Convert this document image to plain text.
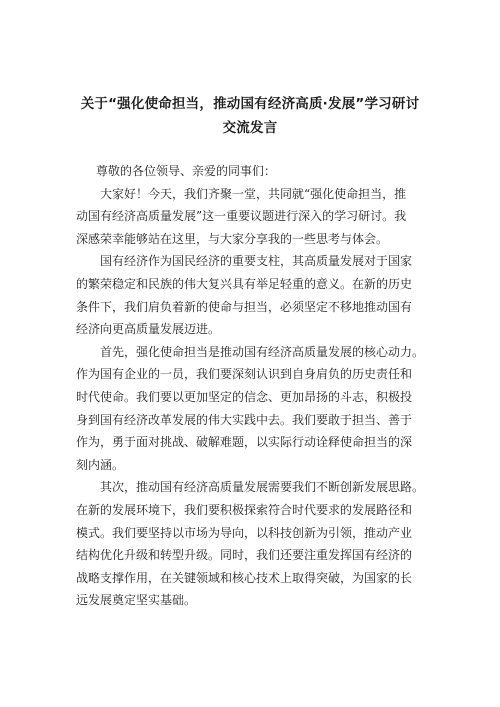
关于“强化使命担当，推动国有经济高质·发展”学习研讨
交流发言

尊敬的各位领导、亲爱的同事们：

大家好！今天，我们齐聚一堂，共同就“强化使命担当，推
动国有经济高质量发展”这一重要议题进行深入的学习研讨。我
深感荣幸能够站在这里，与大家分享我的一些思考与体会。

国有经济作为国民经济的重要支柱，其高质量发展对于国家
的繁荣稳定和民族的伟大复兴具有举足轻重的意义。在新的历史
条件下，我们肩负着新的使命与担当，必须坚定不移地推动国有
经济向更高质量发展迈进。

首先，强化使命担当是推动国有经济高质量发展的核心动力。
作为国有企业的一员，我们要深刻认识到自身肩负的历史责任和
时代使命。我们要以更加坚定的信念、更加昂扬的斗志，积极投
身到国有经济改革发展的伟大实践中去。我们要敢于担当、善于
作为，勇于面对挑战、破解难题，以实际行动诠释使命担当的深
刻内涵。

其次，推动国有经济高质量发展需要我们不断创新发展思路。
在新的发展环境下，我们要积极探索符合时代要求的发展路径和
模式。我们要坚持以市场为导向，以科技创新为引领，推动产业
结构优化升级和转型升级。同时，我们还要注重发挥国有经济的
战略支撑作用，在关键领域和核心技术上取得突破，为国家的长
远发展奠定坚实基础。
